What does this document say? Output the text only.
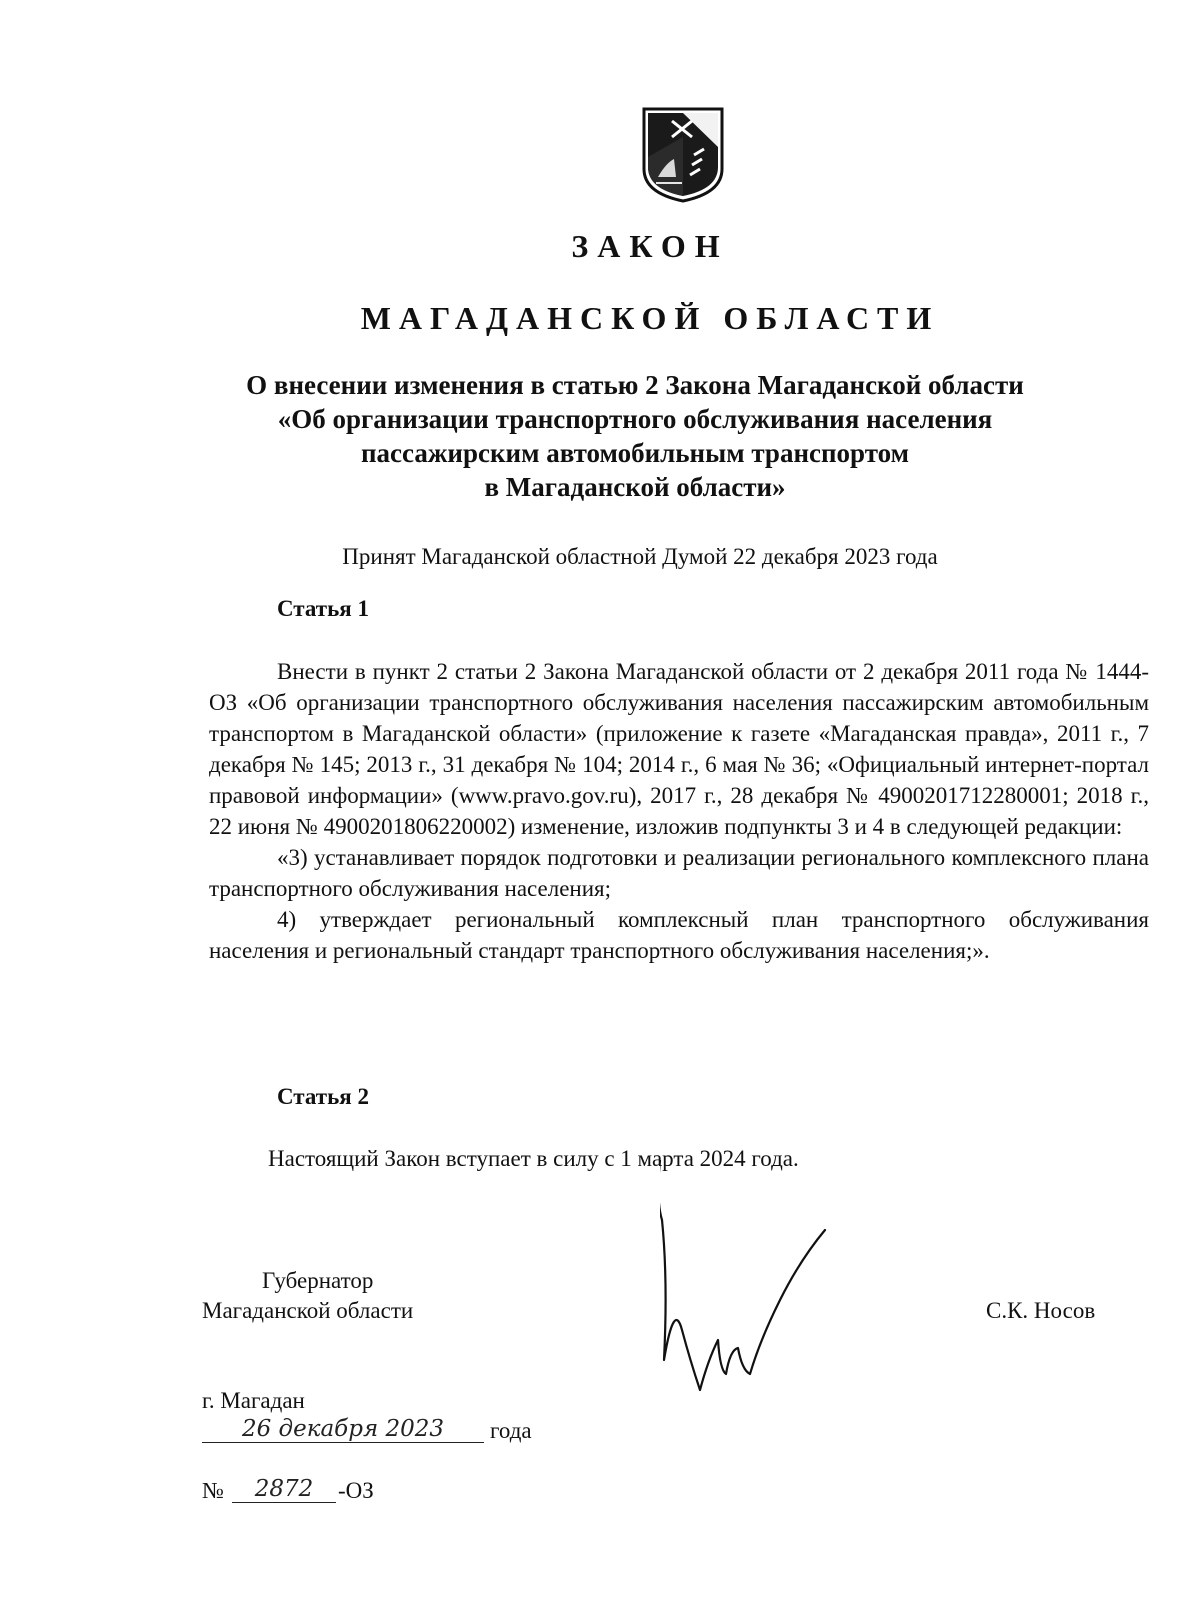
ЗАКОН
МАГАДАНСКОЙ ОБЛАСТИ
О внесении изменения в статью 2 Закона Магаданской области
«Об организации транспортного обслуживания населения
пассажирским автомобильным транспортом
в Магаданской области»
Принят Магаданской областной Думой 22 декабря 2023 года
Статья 1

Внести в пункт 2 статьи 2 Закона Магаданской области от 2 декабря 2011 года № 1444-ОЗ «Об организации транспортного обслуживания населения пассажирским автомобильным транспортом в Магаданской области» (приложение к газете «Магаданская правда», 2011 г., 7 декабря № 145; 2013 г., 31 декабря № 104; 2014 г., 6 мая № 36; «Официальный интернет-портал правовой информации» (www.pravo.gov.ru), 2017 г., 28 декабря № 4900201712280001; 2018 г., 22 июня № 4900201806220002) изменение, изложив подпункты 3 и 4 в следующей редакции:

«3) устанавливает порядок подготовки и реализации регионального комплексного плана транспортного обслуживания населения;

4) утверждает региональный комплексный план транспортного обслуживания населения и региональный стандарт транспортного обслуживания населения;».

Статья 2
Настоящий Закон вступает в силу с 1 марта 2024 года.
Губернатор
Магаданской области	С.К. Носов
г. Магадан
26 декабря 2023	года
№	2872	-ОЗ
